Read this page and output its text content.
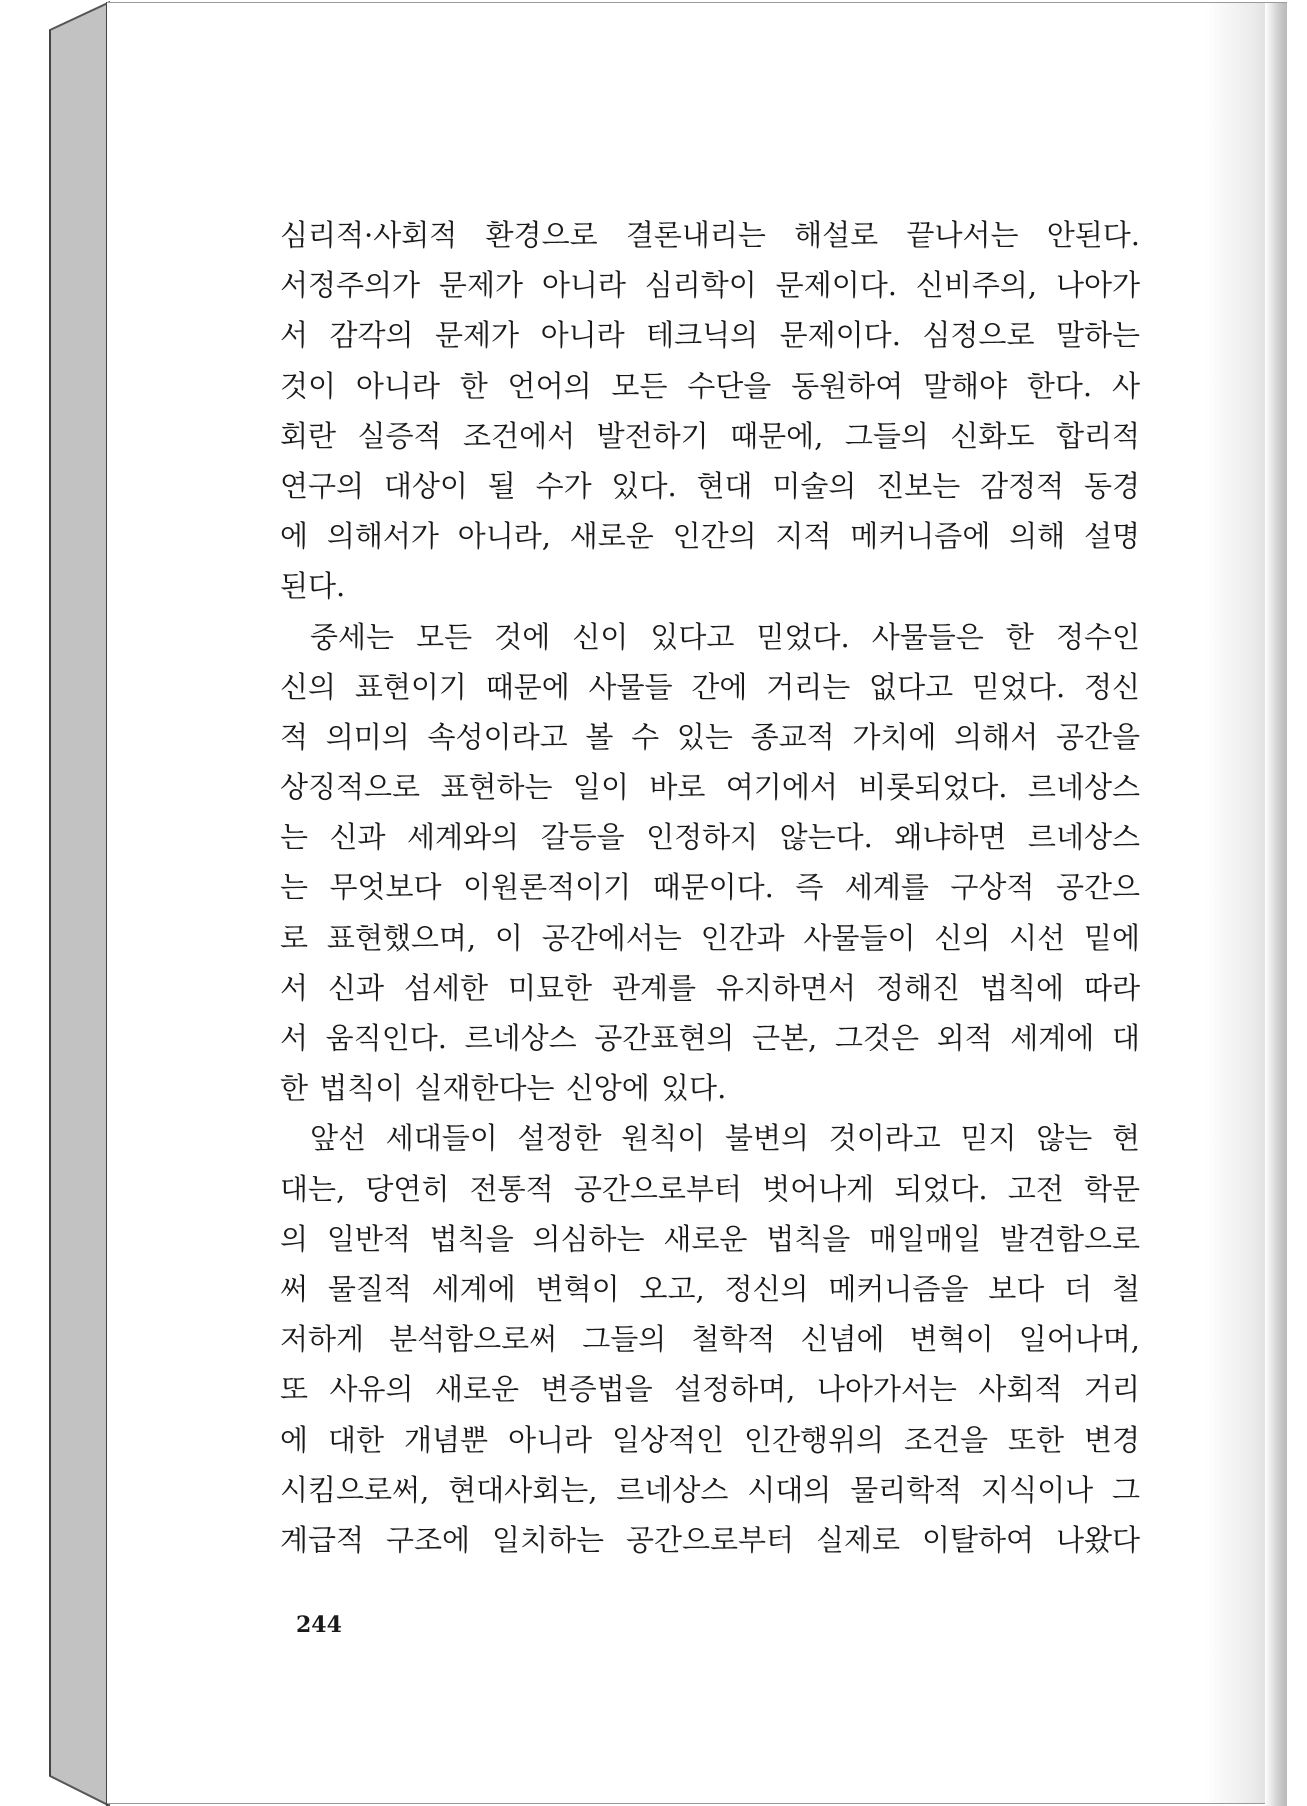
심리적·사회적 환경으로 결론내리는 해설로 끝나서는 안된다.
서정주의가 문제가 아니라 심리학이 문제이다. 신비주의, 나아가
서 감각의 문제가 아니라 테크닉의 문제이다. 심정으로 말하는
것이 아니라 한 언어의 모든 수단을 동원하여 말해야 한다. 사
회란 실증적 조건에서 발전하기 때문에, 그들의 신화도 합리적
연구의 대상이 될 수가 있다. 현대 미술의 진보는 감정적 동경
에 의해서가 아니라, 새로운 인간의 지적 메커니즘에 의해 설명
된다.
중세는 모든 것에 신이 있다고 믿었다. 사물들은 한 정수인
신의 표현이기 때문에 사물들 간에 거리는 없다고 믿었다. 정신
적 의미의 속성이라고 볼 수 있는 종교적 가치에 의해서 공간을
상징적으로 표현하는 일이 바로 여기에서 비롯되었다. 르네상스
는 신과 세계와의 갈등을 인정하지 않는다. 왜냐하면 르네상스
는 무엇보다 이원론적이기 때문이다. 즉 세계를 구상적 공간으
로 표현했으며, 이 공간에서는 인간과 사물들이 신의 시선 밑에
서 신과 섬세한 미묘한 관계를 유지하면서 정해진 법칙에 따라
서 움직인다. 르네상스 공간표현의 근본, 그것은 외적 세계에 대
한 법칙이 실재한다는 신앙에 있다.
앞선 세대들이 설정한 원칙이 불변의 것이라고 믿지 않는 현
대는, 당연히 전통적 공간으로부터 벗어나게 되었다. 고전 학문
의 일반적 법칙을 의심하는 새로운 법칙을 매일매일 발견함으로
써 물질적 세계에 변혁이 오고, 정신의 메커니즘을 보다 더 철
저하게 분석함으로써 그들의 철학적 신념에 변혁이 일어나며,
또 사유의 새로운 변증법을 설정하며, 나아가서는 사회적 거리
에 대한 개념뿐 아니라 일상적인 인간행위의 조건을 또한 변경
시킴으로써, 현대사회는, 르네상스 시대의 물리학적 지식이나 그
계급적 구조에 일치하는 공간으로부터 실제로 이탈하여 나왔다
244
